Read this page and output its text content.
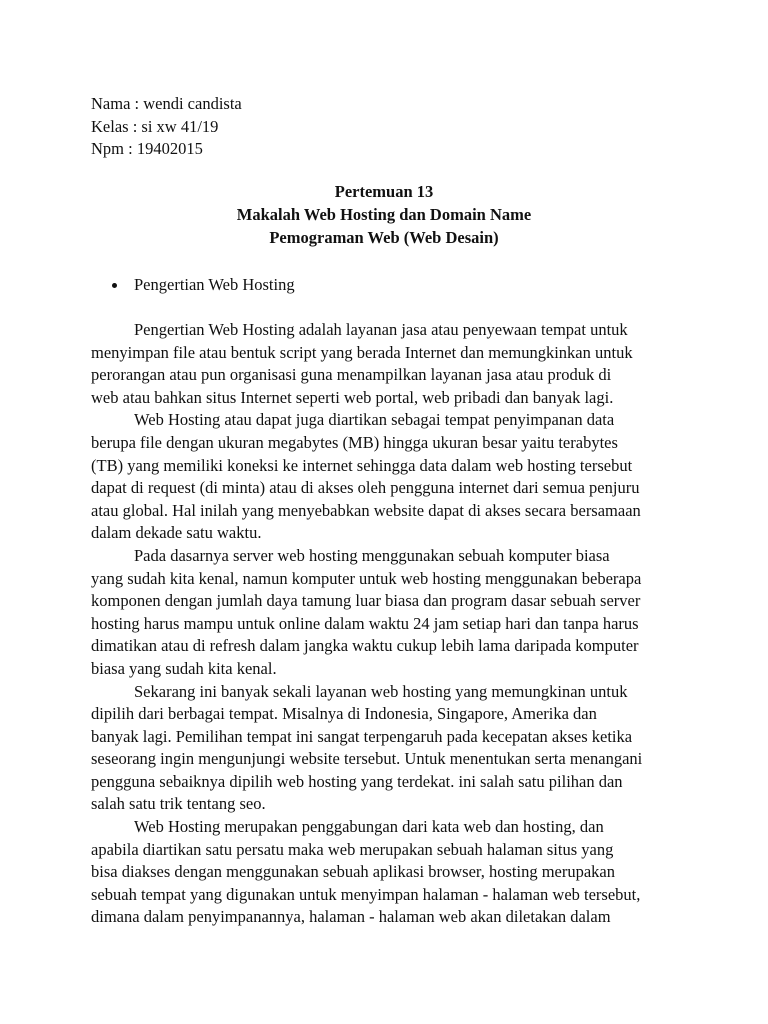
Nama : wendi candista
Kelas : si xw 41/19
Npm : 19402015
Pertemuan 13
Makalah Web Hosting dan Domain Name
Pemograman Web (Web Desain)
Pengertian Web Hosting
Pengertian Web Hosting adalah layanan jasa atau penyewaan tempat untuk
menyimpan file atau bentuk script yang berada Internet dan memungkinkan untuk
perorangan atau pun organisasi guna menampilkan layanan jasa atau produk di
web atau bahkan situs Internet seperti web portal, web pribadi dan banyak lagi.
Web Hosting atau dapat juga diartikan sebagai tempat penyimpanan data
berupa file dengan ukuran megabytes (MB) hingga ukuran besar yaitu terabytes
(TB) yang memiliki koneksi ke internet sehingga data dalam web hosting tersebut
dapat di request (di minta) atau di akses oleh pengguna internet dari semua penjuru
atau global. Hal inilah yang menyebabkan website dapat di akses secara bersamaan
dalam dekade satu waktu.
Pada dasarnya server web hosting menggunakan sebuah komputer biasa
yang sudah kita kenal, namun komputer untuk web hosting menggunakan beberapa
komponen dengan jumlah daya tamung luar biasa dan program dasar sebuah server
hosting harus mampu untuk online dalam waktu 24 jam setiap hari dan tanpa harus
dimatikan atau di refresh dalam jangka waktu cukup lebih lama daripada komputer
biasa yang sudah kita kenal.
Sekarang ini banyak sekali layanan web hosting yang memungkinan untuk
dipilih dari berbagai tempat. Misalnya di Indonesia, Singapore, Amerika dan
banyak lagi. Pemilihan tempat ini sangat terpengaruh pada kecepatan akses ketika
seseorang ingin mengunjungi website tersebut. Untuk menentukan serta menangani
pengguna sebaiknya dipilih web hosting yang terdekat. ini salah satu pilihan dan
salah satu trik tentang seo.
Web Hosting merupakan penggabungan dari kata web dan hosting, dan
apabila diartikan satu persatu maka web merupakan sebuah halaman situs yang
bisa diakses dengan menggunakan sebuah aplikasi browser, hosting merupakan
sebuah tempat yang digunakan untuk menyimpan halaman - halaman web tersebut,
dimana dalam penyimpanannya, halaman - halaman web akan diletakan dalam
